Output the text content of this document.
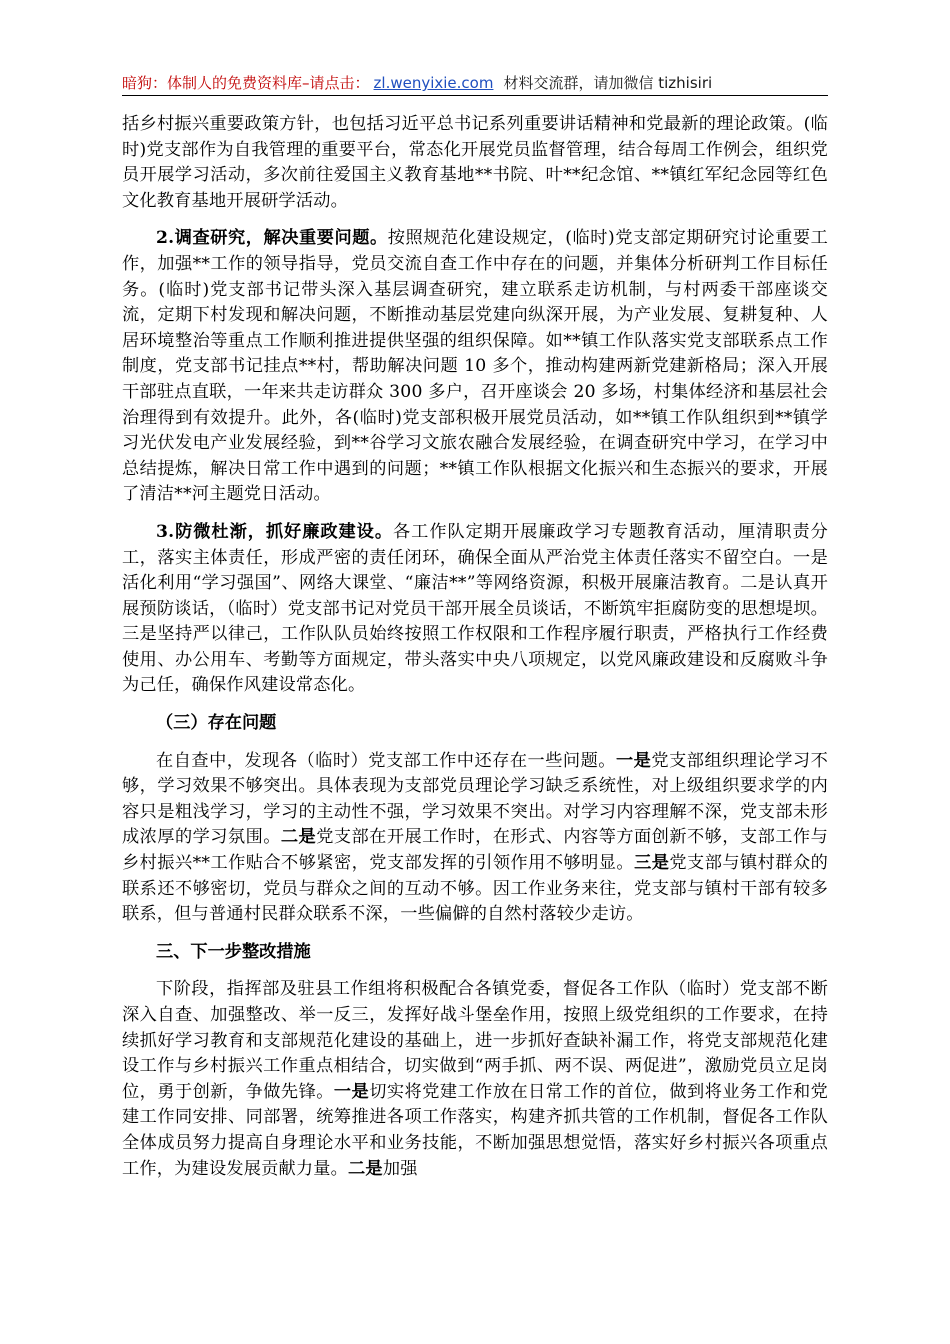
暗狗：体制人的免费资料库–请点击： zl.wenyixie.com 材料交流群，请加微信 tizhisiri

括乡村振兴重要政策方针，也包括习近平总书记系列重要讲话精神和党最新的理论政策。(临时)党支部作为自我管理的重要平台，常态化开展党员监督管理，结合每周工作例会，组织党员开展学习活动，多次前往爱国主义教育基地**书院、叶**纪念馆、**镇红军纪念园等红色文化教育基地开展研学活动。

2.调查研究，解决重要问题。按照规范化建设规定，(临时)党支部定期研究讨论重要工作，加强**工作的领导指导，党员交流自查工作中存在的问题，并集体分析研判工作目标任务。(临时)党支部书记带头深入基层调查研究，建立联系走访机制，与村两委干部座谈交流，定期下村发现和解决问题，不断推动基层党建向纵深开展，为产业发展、复耕复种、人居环境整治等重点工作顺利推进提供坚强的组织保障。如**镇工作队落实党支部联系点工作制度，党支部书记挂点**村，帮助解决问题 10 多个，推动构建两新党建新格局；深入开展干部驻点直联，一年来共走访群众 300 多户，召开座谈会 20 多场，村集体经济和基层社会治理得到有效提升。此外，各(临时)党支部积极开展党员活动，如**镇工作队组织到**镇学习光伏发电产业发展经验，到**谷学习文旅农融合发展经验，在调查研究中学习，在学习中总结提炼，解决日常工作中遇到的问题；**镇工作队根据文化振兴和生态振兴的要求，开展了清洁**河主题党日活动。

3.防微杜渐，抓好廉政建设。各工作队定期开展廉政学习专题教育活动，厘清职责分工，落实主体责任，形成严密的责任闭环，确保全面从严治党主体责任落实不留空白。一是活化利用“学习强国”、网络大课堂、“廉洁**”等网络资源，积极开展廉洁教育。二是认真开展预防谈话，（临时）党支部书记对党员干部开展全员谈话，不断筑牢拒腐防变的思想堤坝。三是坚持严以律己，工作队队员始终按照工作权限和工作程序履行职责，严格执行工作经费使用、办公用车、考勤等方面规定，带头落实中央八项规定，以党风廉政建设和反腐败斗争为己任，确保作风建设常态化。

（三）存在问题

在自查中，发现各（临时）党支部工作中还存在一些问题。一是党支部组织理论学习不够，学习效果不够突出。具体表现为支部党员理论学习缺乏系统性，对上级组织要求学的内容只是粗浅学习，学习的主动性不强，学习效果不突出。对学习内容理解不深，党支部未形成浓厚的学习氛围。二是党支部在开展工作时，在形式、内容等方面创新不够，支部工作与乡村振兴**工作贴合不够紧密，党支部发挥的引领作用不够明显。三是党支部与镇村群众的联系还不够密切，党员与群众之间的互动不够。因工作业务来往，党支部与镇村干部有较多联系，但与普通村民群众联系不深，一些偏僻的自然村落较少走访。

三、下一步整改措施

下阶段，指挥部及驻县工作组将积极配合各镇党委，督促各工作队（临时）党支部不断深入自查、加强整改、举一反三，发挥好战斗堡垒作用，按照上级党组织的工作要求，在持续抓好学习教育和支部规范化建设的基础上，进一步抓好查缺补漏工作，将党支部规范化建设工作与乡村振兴工作重点相结合，切实做到“两手抓、两不误、两促进”，激励党员立足岗位，勇于创新，争做先锋。一是切实将党建工作放在日常工作的首位，做到将业务工作和党建工作同安排、同部署，统筹推进各项工作落实，构建齐抓共管的工作机制，督促各工作队全体成员努力提高自身理论水平和业务技能，不断加强思想觉悟，落实好乡村振兴各项重点工作，为建设发展贡献力量。二是加强
